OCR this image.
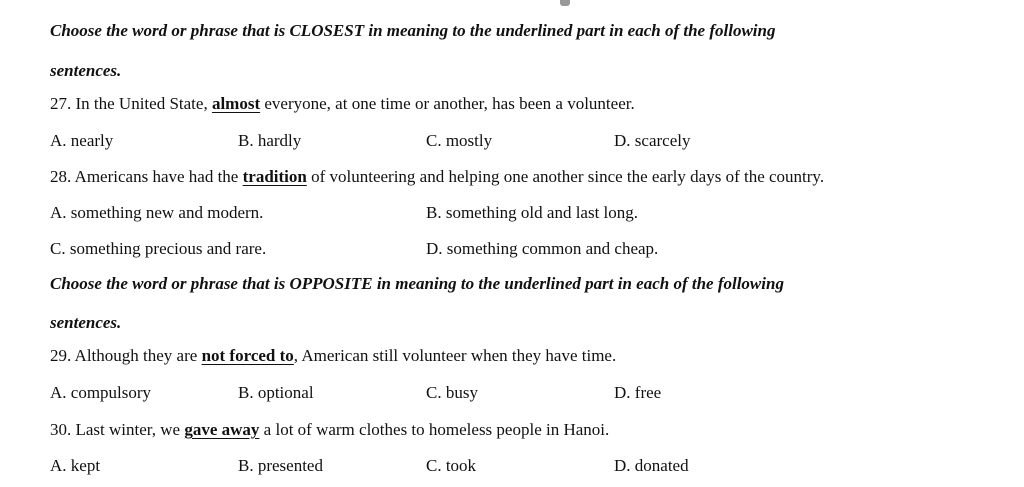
Choose the word or phrase that is CLOSEST in meaning to the underlined part in each of the following
sentences.
27. In the United State, almost everyone, at one time or another, has been a volunteer.
A. nearly	B. hardly	C. mostly	D. scarcely
28. Americans have had the tradition of volunteering and helping one another since the early days of the country.
A. something new and modern.	B. something old and last long.
C. something precious and rare.	D. something common and cheap.
Choose the word or phrase that is OPPOSITE in meaning to the underlined part in each of the following
sentences.
29. Although they are not forced to, American still volunteer when they have time.
A. compulsory	B. optional	C. busy	D. free
30. Last winter, we gave away a lot of warm clothes to homeless people in Hanoi.
A. kept	B. presented	C. took	D. donated
